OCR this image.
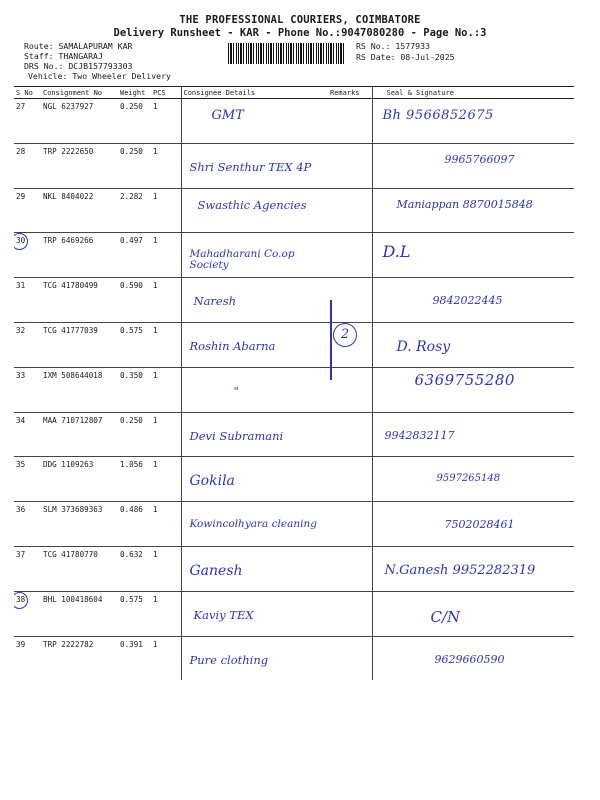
THE PROFESSIONAL COURIERS, COIMBATORE
Delivery Runsheet - KAR - Phone No.:9047080280 - Page No.:3
Route: SAMALAPURAM KAR
Staff: THANGARAJ
DRS No.: DCJB157793303
Vehicle: Two Wheeler Delivery
RS No.: 1577933
RS Date: 08-Jul-2025
S No	Consignment No	Weight	PCS	Consignee Details	Remarks	Seal & Signature
27	NGL 6237927	0.250	1	GMT		Bh 9566852675

28	TRP 2222650	0.250	1	Shri Senthur TEX 4P		9965766097

29	NKL 8404022	2.282	1	Swasthic Agencies		Maniappan 8870015848

30	TRP 6469266	0.497	1	Mahadharani Co.op Society		D.L

31	TCG 41780499	0.590	1	Naresh		9842022445

32	TCG 41777039	0.575	1	Roshin Abarna		D. Rosy

33	IXM 508644018	0.350	1	"		6369755280
34	MAA 710712807	0.250	1	Devi Subramani		9942832117

35	DDG 1109263	1.056	1	Gokila		9597265148

36	SLM 373689363	0.486	1	Kowincolhyara cleaning		7502028461

37	TCG 41780770	0.632	1	Ganesh		N.Ganesh 9952282319

38	BHL 100418604	0.575	1	Kaviy TEX		C/N

39	TRP 2222782	0.391	1	Pure clothing		9629660590
2
